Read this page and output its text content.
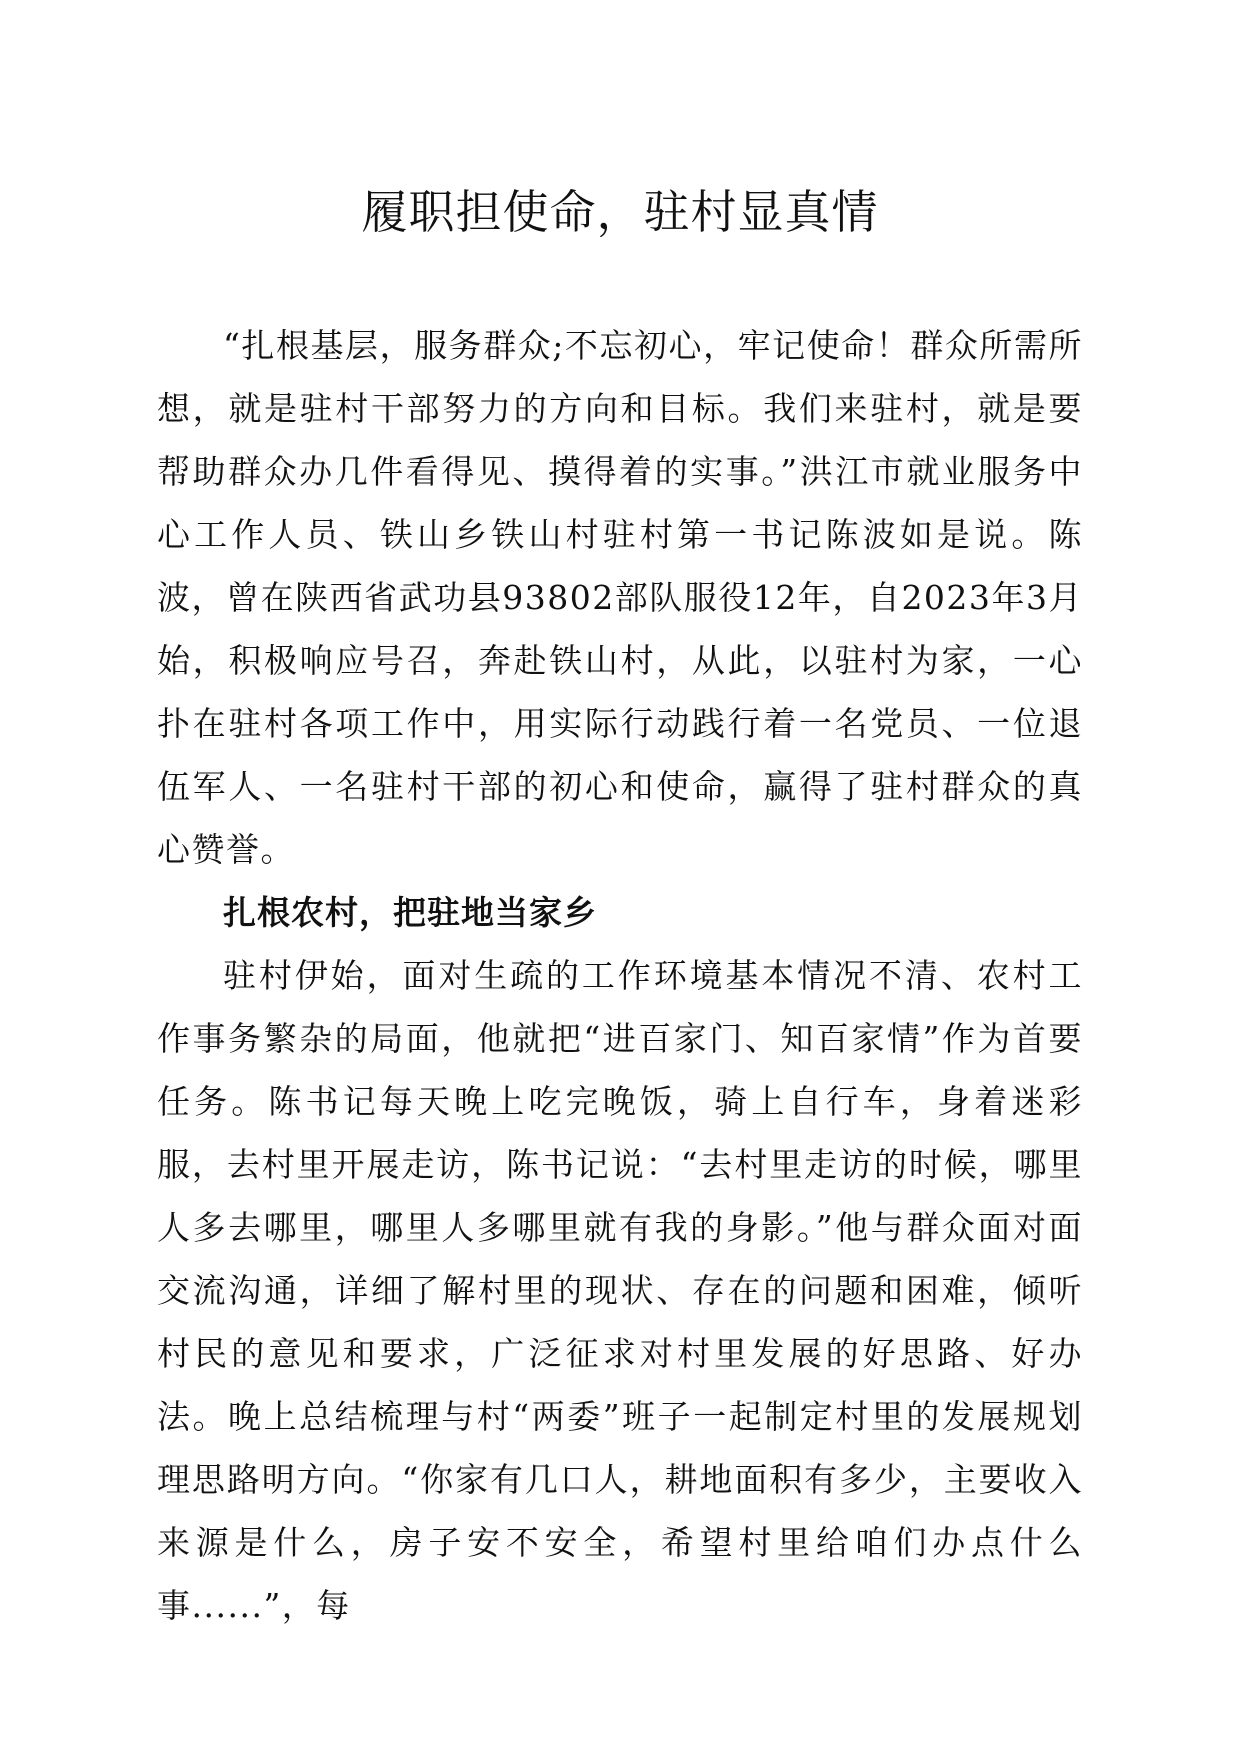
履职担使命，驻村显真情

“扎根基层，服务群众;不忘初心，牢记使命！群众所需所想，就是驻村干部努力的方向和目标。我们来驻村，就是要帮助群众办几件看得见、摸得着的实事。”洪江市就业服务中心工作人员、铁山乡铁山村驻村第一书记陈波如是说。陈波，曾在陕西省武功县93802部队服役12年，自2023年3月始，积极响应号召，奔赴铁山村，从此，以驻村为家，一心扑在驻村各项工作中，用实际行动践行着一名党员、一位退伍军人、一名驻村干部的初心和使命，赢得了驻村群众的真心赞誉。

扎根农村，把驻地当家乡

驻村伊始，面对生疏的工作环境基本情况不清、农村工作事务繁杂的局面，他就把“进百家门、知百家情”作为首要任务。陈书记每天晚上吃完晚饭，骑上自行车，身着迷彩服，去村里开展走访，陈书记说：“去村里走访的时候，哪里人多去哪里，哪里人多哪里就有我的身影。”他与群众面对面交流沟通，详细了解村里的现状、存在的问题和困难，倾听村民的意见和要求，广泛征求对村里发展的好思路、好办法。晚上总结梳理与村“两委”班子一起制定村里的发展规划理思路明方向。“你家有几口人，耕地面积有多少，主要收入来源是什么，房子安不安全，希望村里给咱们办点什么事......”，每
